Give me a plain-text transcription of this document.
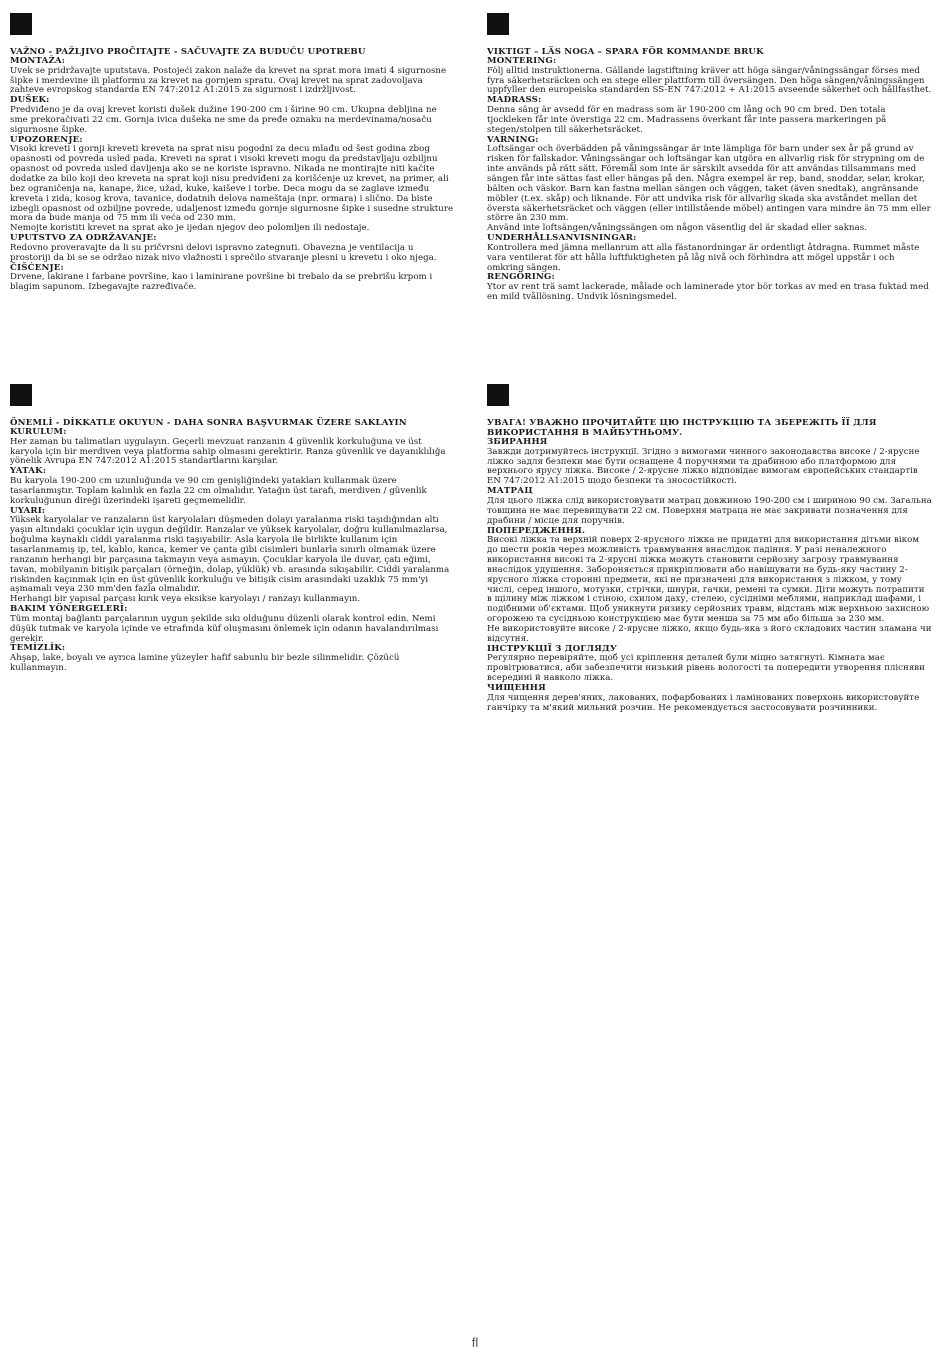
VAŽNO - PAŽLJIVO PROČITAJTE - SAČUVAJTE ZA BUDUĆU UPOTREBU

MONTAŽA:

Uvek se pridržavajte uputstava. Postojeći zakon nalaže da krevet na sprat mora imati 4 sigurnosne šipke i merdevine ili platformu za krevet na gornjem spratu. Ovaj krevet na sprat zadovoljava zahteve evropskog standarda EN 747:2012 A1:2015 za sigurnost i izdržljivost.

DUŠEK:

Predviđeno je da ovaj krevet koristi dušek dužine 190-200 cm i širine 90 cm. Ukupna debljina ne sme prekoračivati 22 cm. Gornja ivica dušeka ne sme da pređe oznaku na merdevinama/nosaču sigurnosne šipke.

UPOZORENJE:

Visoki kreveti i gornji kreveti kreveta na sprat nisu pogodni za decu mlađu od šest godina zbog opasnosti od povreda usled pada. Kreveti na sprat i visoki kreveti mogu da predstavljaju ozbiljnu opasnost od povreda usled davljenja ako se ne koriste ispravno. Nikada ne montirajte niti kačite dodatke za bilo koji deo kreveta na sprat koji nisu predviđeni za korišćenje uz krevet, na primer, ali bez ograničenja na, kanape, žice, užad, kuke, kaiševe i torbe. Deca mogu da se zaglave između kreveta i zida, kosog krova, tavanice, dodatnih delova nameštaja (npr. ormara) i slično. Da biste izbegli opasnost od ozbiljne povrede, udaljenost između gornje sigurnosne šipke i susedne strukture mora da bude manja od 75 mm ili veća od 230 mm.

Nemojte koristiti krevet na sprat ako je ijedan njegov deo polomljen ili nedostaje.

UPUTSTVO ZA ODRŽAVANJE:

Redovno proveravajte da li su pričvrsni delovi ispravno zategnuti. Obavezna je ventilacija u prostoriji da bi se se održao nizak nivo vlažnosti i sprečilo stvaranje plesni u krevetu i oko njega.

ČIŠĆENJE:

Drvene, lakirane i farbane površine, kao i laminirane površine bi trebalo da se prebrišu krpom i blagim sapunom. Izbegavajte razređivače.

VIKTIGT – LÄS NOGA – SPARA FÖR KOMMANDE BRUK

MONTERING:

Följ alltid instruktionerna. Gällande lagstiftning kräver att höga sängar/våningssängar förses med fyra säkerhetsräcken och en stege eller plattform till översängen. Den höga sängen/våningssängen uppfyller den europeiska standarden SS-EN 747:2012 + A1:2015 avseende säkerhet och hållfasthet.

MADRASS:

Denna säng är avsedd för en madrass som är 190-200 cm lång och 90 cm bred. Den totala tjockleken får inte överstiga 22 cm. Madrassens överkant får inte passera markeringen på stegen/stolpen till säkerhetsräcket.

VARNING:

Loftsängar och överbädden på våningssängar är inte lämpliga för barn under sex år på grund av risken för fallskador. Våningssängar och loftsängar kan utgöra en allvarlig risk för strypning om de inte används på rätt sätt. Föremål som inte är särskilt avsedda för att användas tillsammans med sängen får inte sättas fast eller hängas på den. Några exempel är rep, band, snoddar, selar, krokar, bälten och väskor. Barn kan fastna mellan sängen och väggen, taket (även snedtak), angränsande möbler (t.ex. skåp) och liknande. För att undvika risk för allvarlig skada ska avståndet mellan det översta säkerhetsräcket och väggen (eller intillstående möbel) antingen vara mindre än 75 mm eller större än 230 mm.

Använd inte loftsängen/våningssängen om någon väsentlig del är skadad eller saknas.

UNDERHÅLLSANVISNINGAR:

Kontrollera med jämna mellanrum att alla fästanordningar är ordentligt åtdragna. Rummet måste vara ventilerat för att hålla luftfuktigheten på låg nivå och förhindra att mögel uppstår i och omkring sängen.

RENGÖRING:

Ytor av rent trä samt lackerade, målade och laminerade ytor bör torkas av med en trasa fuktad med en mild tvållösning. Undvik lösningsmedel.

ÖNEMLİ - DİKKATLE OKUYUN - DAHA SONRA BAŞVURMAK ÜZERE SAKLAYIN

KURULUM:

Her zaman bu talimatları uygulayın. Geçerli mevzuat ranzanın 4 güvenlik korkuluğuna ve üst karyola için bir merdiven veya platforma sahip olmasını gerektirir. Ranza güvenlik ve dayanıklılığa yönelik Avrupa EN 747:2012 A1:2015 standartlarını karşılar.

YATAK:

Bu karyola 190-200 cm uzunluğunda ve 90 cm genişliğindeki yatakları kullanmak üzere tasarlanmıştır. Toplam kalınlık en fazla 22 cm olmalıdır. Yatağın üst tarafı, merdiven / güvenlik korkuluğunun direği üzerindeki işareti geçmemelidir.

UYARI:

Yüksek karyolalar ve ranzaların üst karyolaları düşmeden dolayı yaralanma riski taşıdığından altı yaşın altındaki çocuklar için uygun değildir. Ranzalar ve yüksek karyolalar, doğru kullanılmazlarsa, boğulma kaynaklı ciddi yaralanma riski taşıyabilir. Asla karyola ile birlikte kullanım için tasarlanmamış ip, tel, kablo, kanca, kemer ve çanta gibi cisimleri bunlarla sınırlı olmamak üzere ranzanın herhangi bir parçasına takmayın veya asmayın. Çocuklar karyola ile duvar, çatı eğimi, tavan, mobilyanın bitişik parçaları (örneğin, dolap, yüklük) vb. arasında sıkışabilir. Ciddi yaralanma riskinden kaçınmak için en üst güvenlik korkuluğu ve bitişik cisim arasındaki uzaklık 75 mm'yi aşmamalı veya 230 mm'den fazla olmalıdır.

Herhangi bir yapısal parçası kırık veya eksikse karyolayı / ranzayı kullanmayın.

BAKIM YÖNERGELERİ:

Tüm montaj bağlantı parçalarının uygun şekilde sıkı olduğunu düzenli olarak kontrol edin. Nemi düşük tutmak ve karyola içinde ve etrafında küf oluşmasını önlemek için odanın havalandırılması gerekir.

TEMİZLİK:

Ahşap, lake, boyalı ve ayrıca lamine yüzeyler hafif sabunlu bir bezle silinmelidir. Çözücü kullanmayın.

УВАГА! УВАЖНО ПРОЧИТАЙТЕ ЦЮ ІНСТРУКЦІЮ ТА ЗБЕРЕЖІТЬ ЇЇ ДЛЯ ВИКОРИСТАННЯ В МАЙБУТНЬОМУ.

ЗБИРАННЯ

Завжди дотримуйтесь інструкції. Згідно з вимогами чинного законодавства високе / 2-ярусне ліжко задля безпеки має бути оснащене 4 поручнями та драбиною або платформою для верхнього ярусу ліжка. Високе / 2-ярусне ліжко відповідає вимогам європейських стандартів EN 747:2012 A1:2015 щодо безпеки та зносостійкості.

МАТРАЦ

Для цього ліжка слід використовувати матрац довжиною 190-200 см і шириною 90 см. Загальна товщина не має перевищувати 22 см. Поверхня матраца не має закривати позначення для драбини / місце для поручнів.

ПОПЕРЕДЖЕННЯ.

Високі ліжка та верхній поверх 2-ярусного ліжка не придатні для використання дітьми віком до шести років через можливість травмування внаслідок падіння. У разі неналежного використання високі та 2-ярусні ліжка можуть становити серйозну загрозу травмування внаслідок удушення. Забороняється прикріплювати або навішувати на будь-яку частину 2-ярусного ліжка сторонні предмети, які не призначені для використання з ліжком, у тому числі, серед іншого, мотузки, стрічки, шнури, гачки, ремені та сумки. Діти можуть потрапити в щілину між ліжком і стіною, схилом даху, стелею, сусідніми меблями, наприклад шафами, і подібними об'єктами. Щоб уникнути ризику серйозних травм, відстань між верхньою захисною огорожею та сусідньою конструкцією має бути менша за 75 мм або більша за 230 мм.

Не використовуйте високе / 2-ярусне ліжко, якщо будь-яка з його складових частин зламана чи відсутня.

ІНСТРУКЦІЇ З ДОГЛЯДУ

Регулярно перевіряйте, щоб усі кріплення деталей були міцно затягнуті. Кімната має провітрюватися, аби забезпечити низький рівень вологості та попередити утворення плісняви всередині й навколо ліжка.

ЧИЩЕННЯ

Для чищення дерев'яних, лакованих, пофарбованих і ламінованих поверхонь використовуйте ганчірку та м'який мильний розчин. Не рекомендується застосовувати розчинники.

fl
